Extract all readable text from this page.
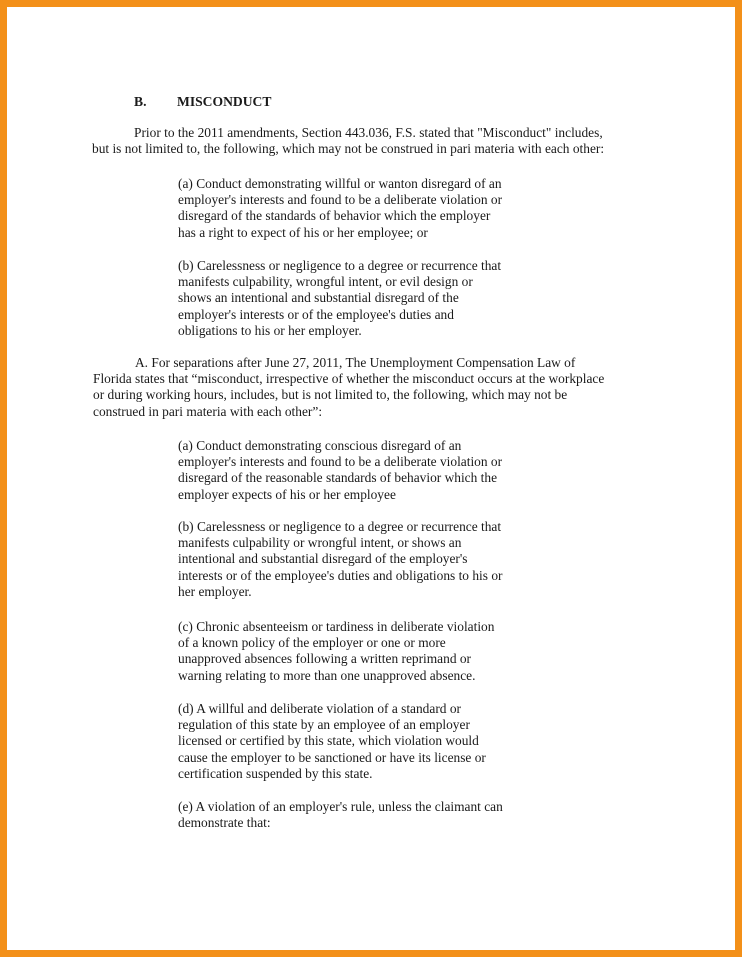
B. MISCONDUCT

Prior to the 2011 amendments, Section 443.036, F.S. stated that "Misconduct" includes,
but is not limited to, the following, which may not be construed in pari materia with each other:

(a) Conduct demonstrating willful or wanton disregard of an
employer's interests and found to be a deliberate violation or
disregard of the standards of behavior which the employer
has a right to expect of his or her employee; or

(b) Carelessness or negligence to a degree or recurrence that
manifests culpability, wrongful intent, or evil design or
shows an intentional and substantial disregard of the
employer's interests or of the employee's duties and
obligations to his or her employer.

A. For separations after June 27, 2011, The Unemployment Compensation Law of
Florida states that “misconduct, irrespective of whether the misconduct occurs at the workplace
or during working hours, includes, but is not limited to, the following, which may not be
construed in pari materia with each other”:

(a) Conduct demonstrating conscious disregard of an
employer's interests and found to be a deliberate violation or
disregard of the reasonable standards of behavior which the
employer expects of his or her employee

(b) Carelessness or negligence to a degree or recurrence that
manifests culpability or wrongful intent, or shows an
intentional and substantial disregard of the employer's
interests or of the employee's duties and obligations to his or
her employer.

(c) Chronic absenteeism or tardiness in deliberate violation
of a known policy of the employer or one or more
unapproved absences following a written reprimand or
warning relating to more than one unapproved absence.

(d) A willful and deliberate violation of a standard or
regulation of this state by an employee of an employer
licensed or certified by this state, which violation would
cause the employer to be sanctioned or have its license or
certification suspended by this state.

(e) A violation of an employer's rule, unless the claimant can
demonstrate that:
